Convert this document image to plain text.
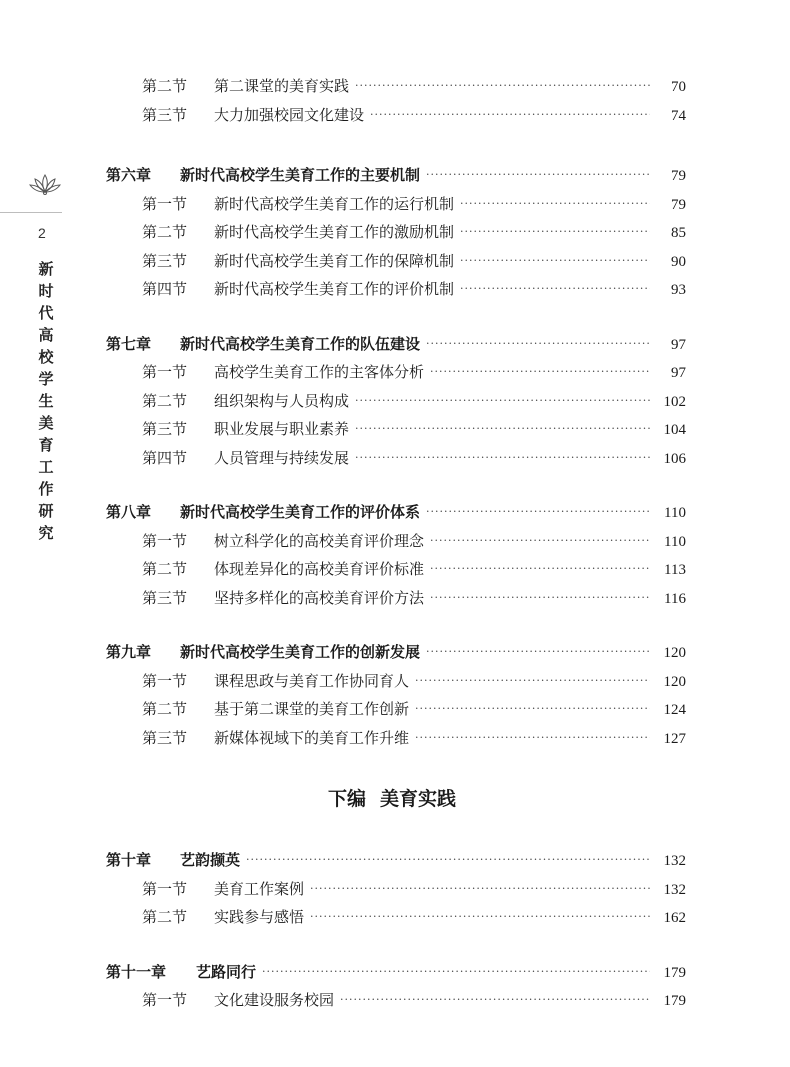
2
新时代高校学生美育工作研究
第二节	第二课堂的美育实践 ·····	70
第三节	大力加强校园文化建设 ·····	74
第六章	新时代高校学生美育工作的主要机制 ·····	79
第一节	新时代高校学生美育工作的运行机制 ·····	79
第二节	新时代高校学生美育工作的激励机制 ·····	85
第三节	新时代高校学生美育工作的保障机制 ·····	90
第四节	新时代高校学生美育工作的评价机制 ·····	93
第七章	新时代高校学生美育工作的队伍建设 ·····	97
第一节	高校学生美育工作的主客体分析 ·····	97
第二节	组织架构与人员构成 ·····	102
第三节	职业发展与职业素养 ·····	104
第四节	人员管理与持续发展 ·····	106
第八章	新时代高校学生美育工作的评价体系 ·····	110
第一节	树立科学化的高校美育评价理念 ·····	110
第二节	体现差异化的高校美育评价标准 ·····	113
第三节	坚持多样化的高校美育评价方法 ·····	116
第九章	新时代高校学生美育工作的创新发展 ·····	120
第一节	课程思政与美育工作协同育人 ·····	120
第二节	基于第二课堂的美育工作创新 ·····	124
第三节	新媒体视域下的美育工作升维 ·····	127
下编 美育实践
第十章	艺韵撷英 ·····	132
第一节	美育工作案例 ·····	132
第二节	实践参与感悟 ·····	162
第十一章	艺路同行 ·····	179
第一节	文化建设服务校园 ·····	179
